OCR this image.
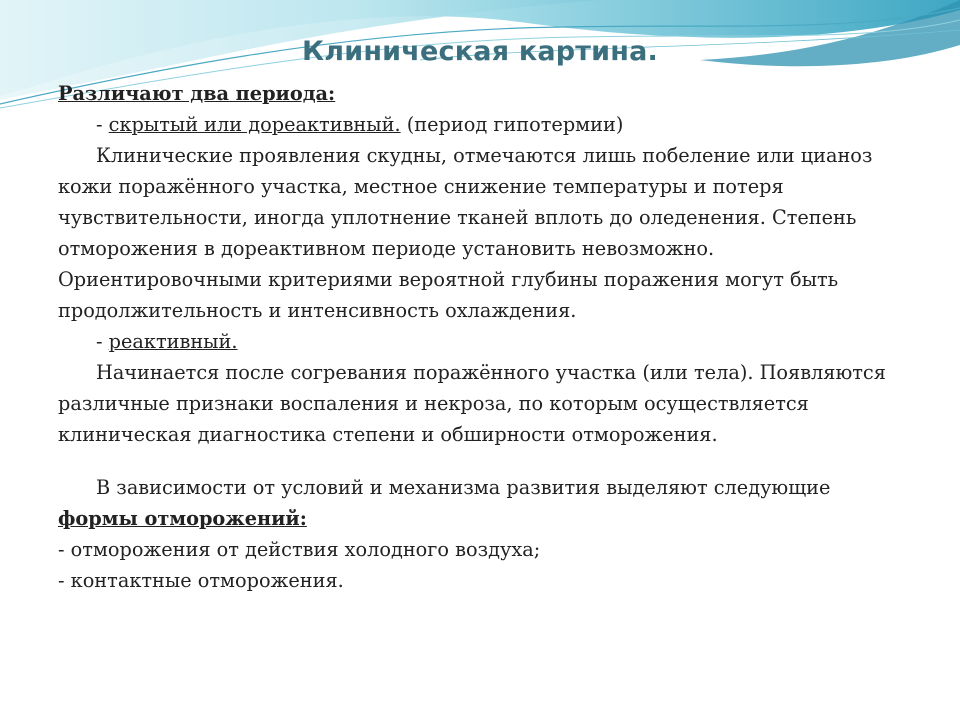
Клиническая картина.

Различают два периода:

- скрытый или дореактивный. (период гипотермии)

Клинические проявления скудны, отмечаются лишь побеление или цианоз кожи поражённого участка, местное снижение температуры и потеря чувствительности, иногда уплотнение тканей вплоть до оледенения. Степень отморожения в дореактивном периоде установить невозможно. Ориентировочными критериями вероятной глубины поражения могут быть продолжительность и интенсивность охлаждения.

- реактивный.

Начинается после согревания поражённого участка (или тела). Появляются различные признаки воспаления и некроза, по которым осуществляется клиническая диагностика степени и обширности отморожения.

В зависимости от условий и механизма развития выделяют следующие формы отморожений:

- отморожения от действия холодного воздуха;

- контактные отморожения.
